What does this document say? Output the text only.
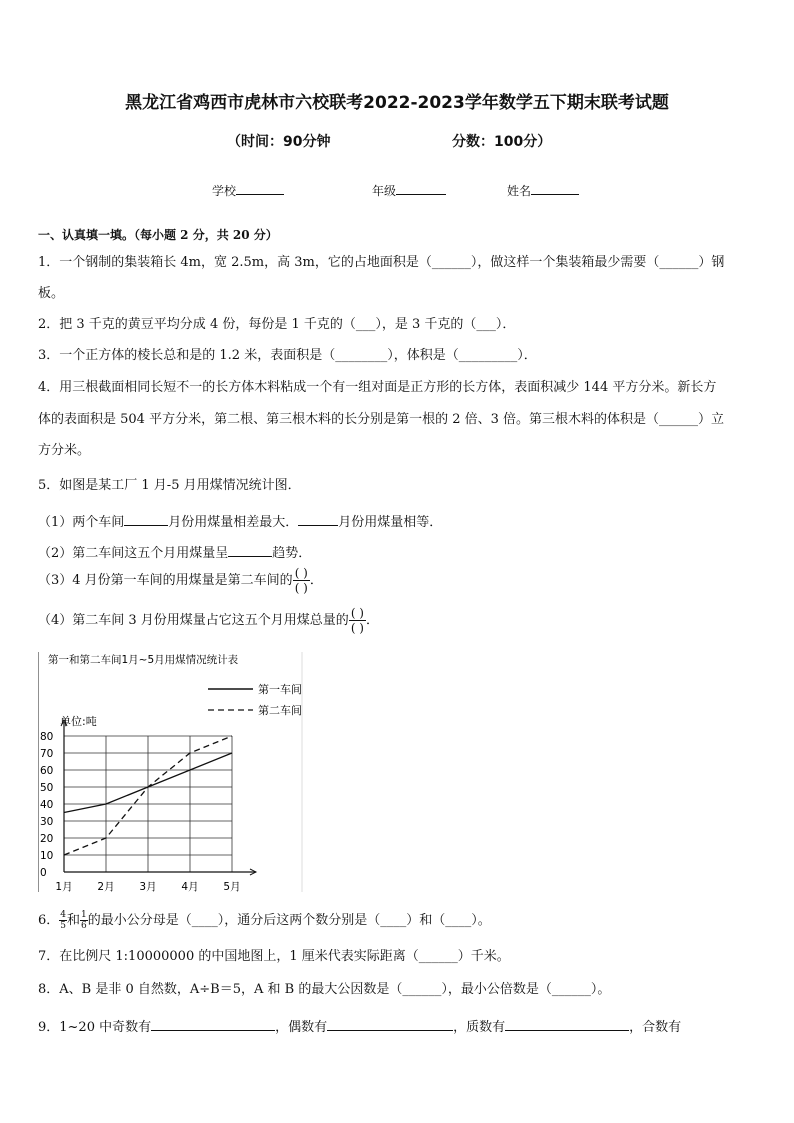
黑龙江省鸡西市虎林市六校联考2022-2023学年数学五下期末联考试题
（时间：90分钟	分数：100分）
学校	年级	姓名
一、认真填一填。（每小题 2 分，共 20 分）
1．一个钢制的集装箱长 4m，宽 2.5m，高 3m，它的占地面积是（______），做这样一个集装箱最少需要（______）钢
板。
2．把 3 千克的黄豆平均分成 4 份，每份是 1 千克的（___），是 3 千克的（___）．
3．一个正方体的棱长总和是的 1.2 米，表面积是（________），体积是（_________）．
4．用三根截面相同长短不一的长方体木料粘成一个有一组对面是正方形的长方体，表面积减少 144 平方分米。新长方
体的表面积是 504 平方分米，第二根、第三根木料的长分别是第一根的 2 倍、3 倍。第三根木料的体积是（______）立
方分米。
5．如图是某工厂 1 月-5 月用煤情况统计图．
（1）两个车间	月份用煤量相差最大．	月份用煤量相等．
（2）第二车间这五个月用煤量呈	趋势．
（3）4 月份第一车间的用煤量是第二车间的 $\frac{( )}{( )}$ ．
（4）第二车间 3 月份用煤量占它这五个月用煤总量的 $\frac{( )}{( )}$ ．
第一和第二车间1月~5月用煤情况统计表
第一车间
第二车间
单位:吨
0
10
20
30
40
50
60
70
80
1月 2月 3月 4月 5月
6． $\frac{4}{5}$ 和 $\frac{1}{6}$ 的最小公分母是（____），通分后这两个数分别是（____）和（____）。
7．在比例尺 1:10000000 的中国地图上，1 厘米代表实际距离（______）千米。
8．A、B 是非 0 自然数，A÷B＝5，A 和 B 的最大公因数是（______），最小公倍数是（______）。
9．1~20 中奇数有	，偶数有	，质数有	，合数有
